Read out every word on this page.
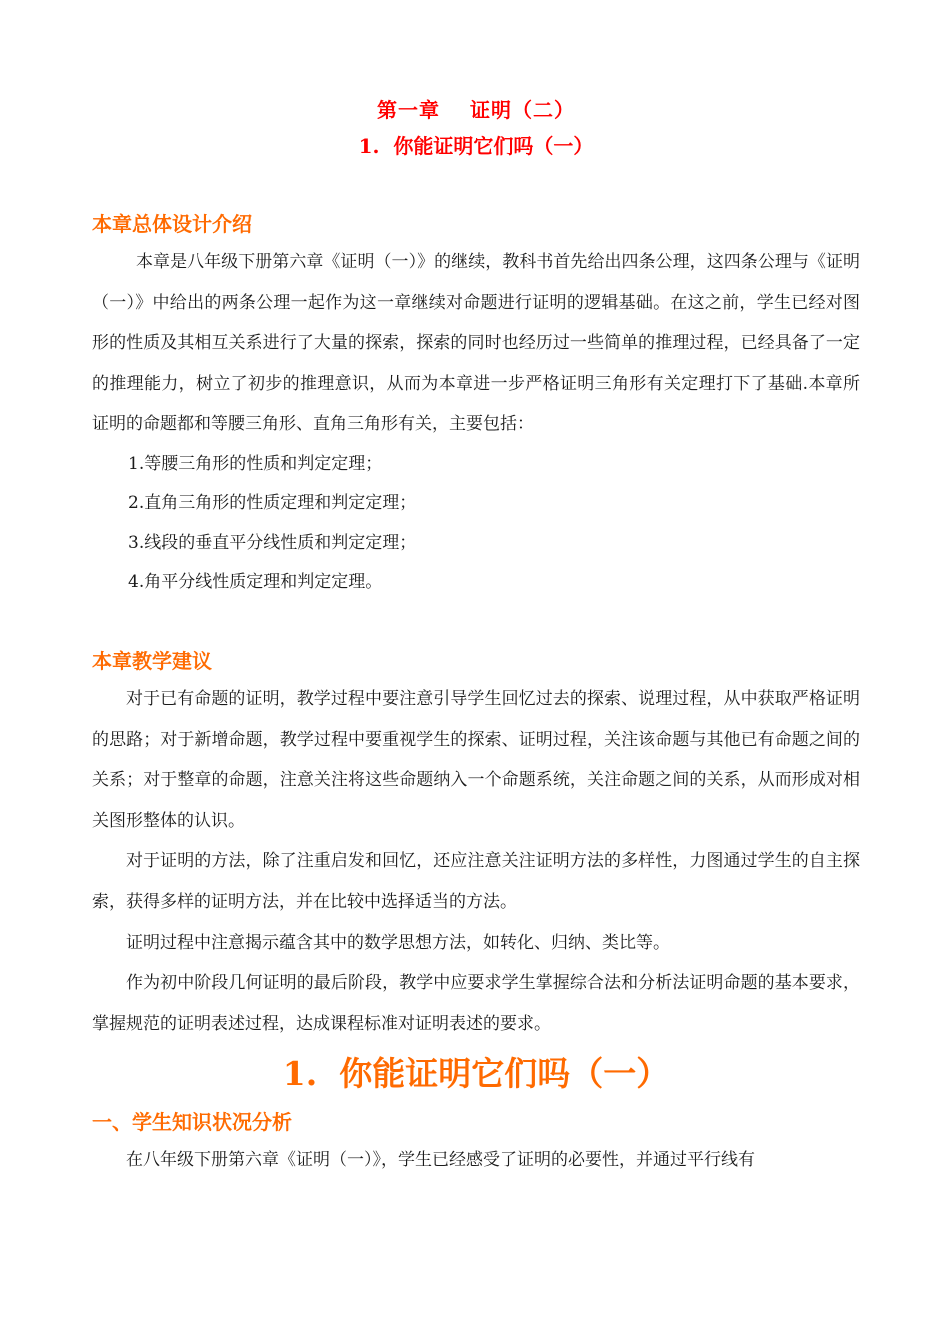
第一章 证明（二）
1. 你能证明它们吗（一）
本章总体设计介绍

本章是八年级下册第六章《证明（一）》的继续，教科书首先给出四条公理，这四条公理与《证明（一）》中给出的两条公理一起作为这一章继续对命题进行证明的逻辑基础。在这之前，学生已经对图形的性质及其相互关系进行了大量的探索，探索的同时也经历过一些简单的推理过程，已经具备了一定的推理能力，树立了初步的推理意识，从而为本章进一步严格证明三角形有关定理打下了基础.本章所证明的命题都和等腰三角形、直角三角形有关，主要包括：

1.等腰三角形的性质和判定定理；
2.直角三角形的性质定理和判定定理；
3.线段的垂直平分线性质和判定定理；
4.角平分线性质定理和判定定理。
本章教学建议

对于已有命题的证明，教学过程中要注意引导学生回忆过去的探索、说理过程，从中获取严格证明的思路；对于新增命题，教学过程中要重视学生的探索、证明过程，关注该命题与其他已有命题之间的关系；对于整章的命题，注意关注将这些命题纳入一个命题系统，关注命题之间的关系，从而形成对相关图形整体的认识。

对于证明的方法，除了注重启发和回忆，还应注意关注证明方法的多样性，力图通过学生的自主探索，获得多样的证明方法，并在比较中选择适当的方法。

证明过程中注意揭示蕴含其中的数学思想方法，如转化、归纳、类比等。

作为初中阶段几何证明的最后阶段，教学中应要求学生掌握综合法和分析法证明命题的基本要求，掌握规范的证明表述过程，达成课程标准对证明表述的要求。

1. 你能证明它们吗（一）
一、学生知识状况分析

在八年级下册第六章《证明（一）》，学生已经感受了证明的必要性，并通过平行线有
